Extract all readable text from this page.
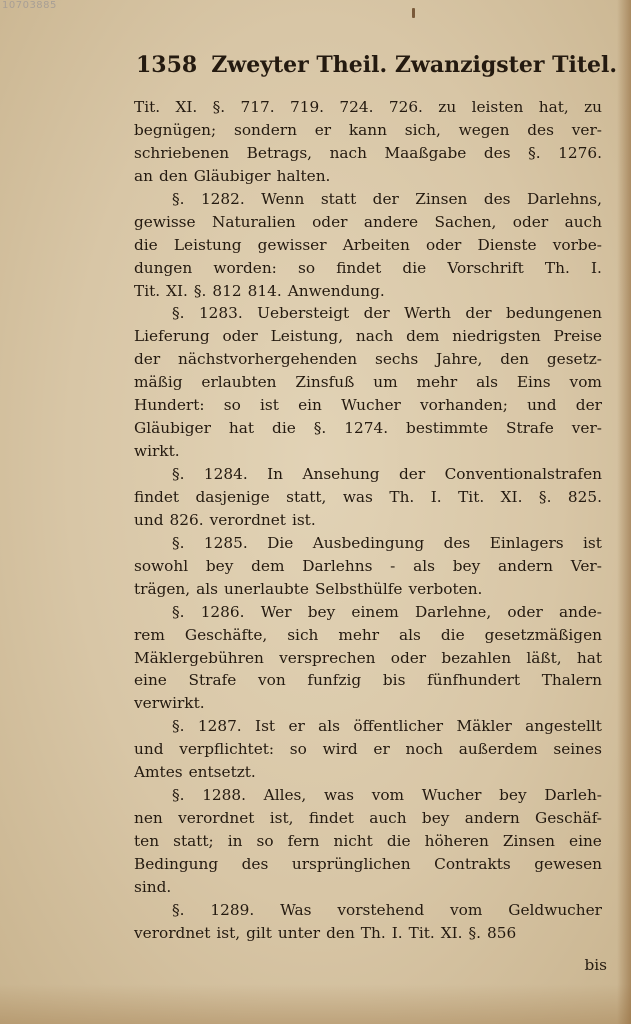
10703885
1358 Zweyter Theil. Zwanzigster Titel.
Tit. XI. §. 717. 719. 724. 726. zu leisten hat, zu
begnügen; sondern er kann sich, wegen des ver-
schriebenen Betrags, nach Maaßgabe des §. 1276.
an den Gläubiger halten.
§. 1282. Wenn statt der Zinsen des Darlehns,
gewisse Naturalien oder andere Sachen, oder auch
die Leistung gewisser Arbeiten oder Dienste vorbe-
dungen worden: so findet die Vorschrift Th. I.
Tit. XI. §. 812 814. Anwendung.
§. 1283. Uebersteigt der Werth der bedungenen
Lieferung oder Leistung, nach dem niedrigsten Preise
der nächstvorhergehenden sechs Jahre, den gesetz-
mäßig erlaubten Zinsfuß um mehr als Eins vom
Hundert: so ist ein Wucher vorhanden; und der
Gläubiger hat die §. 1274. bestimmte Strafe ver-
wirkt.
§. 1284. In Ansehung der Conventionalstrafen
findet dasjenige statt, was Th. I. Tit. XI. §. 825.
und 826. verordnet ist.
§. 1285. Die Ausbedingung des Einlagers ist
sowohl bey dem Darlehns - als bey andern Ver-
trägen, als unerlaubte Selbsthülfe verboten.
§. 1286. Wer bey einem Darlehne, oder ande-
rem Geschäfte, sich mehr als die gesetzmäßigen
Mäklergebühren versprechen oder bezahlen läßt, hat
eine Strafe von funfzig bis fünfhundert Thalern
verwirkt.
§. 1287. Ist er als öffentlicher Mäkler angestellt
und verpflichtet: so wird er noch außerdem seines
Amtes entsetzt.
§. 1288. Alles, was vom Wucher bey Darleh-
nen verordnet ist, findet auch bey andern Geschäf-
ten statt; in so fern nicht die höheren Zinsen eine
Bedingung des ursprünglichen Contrakts gewesen
sind.
§. 1289. Was vorstehend vom Geldwucher
verordnet ist, gilt unter den Th. I. Tit. XI. §. 856
bis
